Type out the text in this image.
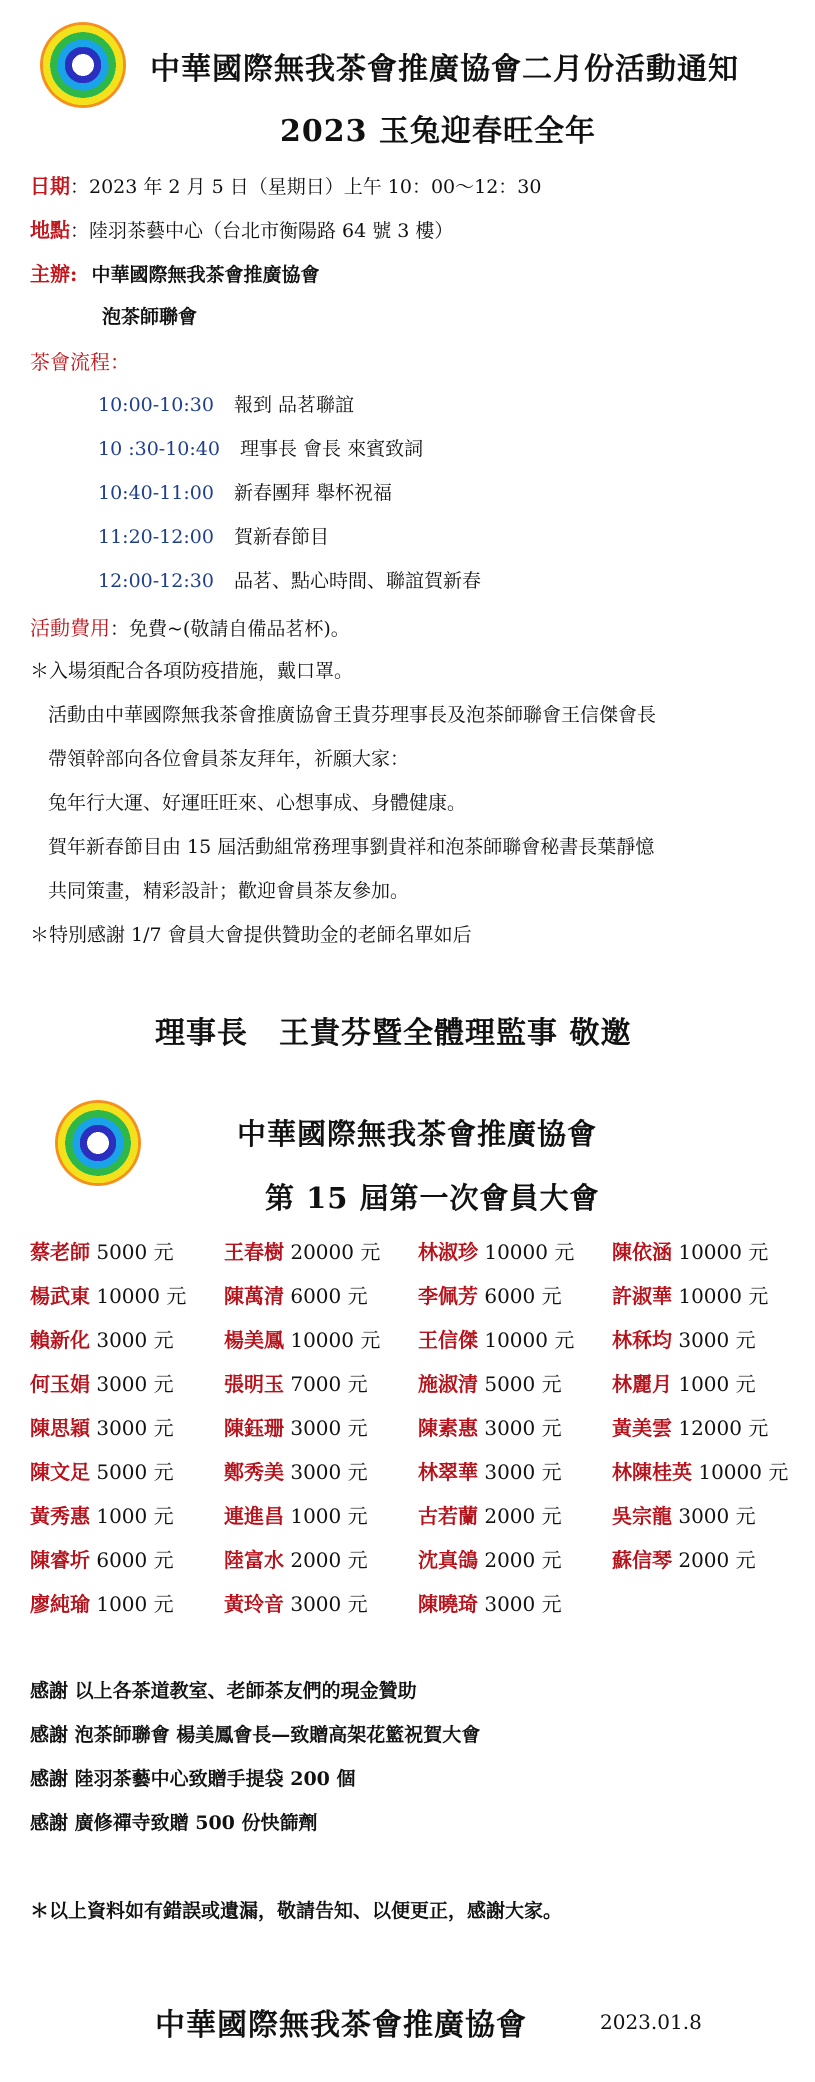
中華國際無我茶會推廣協會二月份活動通知
2023 玉兔迎春旺全年
日期：2023 年 2 月 5 日（星期日）上午 10：00～12：30
地點：陸羽茶藝中心（台北市衡陽路 64 號 3 樓）
主辦: 中華國際無我茶會推廣協會
泡茶師聯會
茶會流程：
10:00-10:30 報到 品茗聯誼
10 :30-10:40 理事長 會長 來賓致詞
10:40-11:00 新春團拜 舉杯祝福
11:20-12:00 賀新春節目
12:00-12:30 品茗、點心時間、聯誼賀新春
活動費用：免費~(敬請自備品茗杯)。
＊入場須配合各項防疫措施，戴口罩。
活動由中華國際無我茶會推廣協會王貴芬理事長及泡茶師聯會王信傑會長
帶領幹部向各位會員茶友拜年，祈願大家：
兔年行大運、好運旺旺來、心想事成、身體健康。
賀年新春節目由 15 屆活動組常務理事劉貴祥和泡茶師聯會秘書長葉靜憶
共同策畫，精彩設計；歡迎會員茶友參加。
＊特別感謝 1/7 會員大會提供贊助金的老師名單如后
理事長　王貴芬暨全體理監事 敬邀
中華國際無我茶會推廣協會
第 15 屆第一次會員大會
蔡老師 5000 元	王春樹 20000 元 林淑珍 10000 元 陳依涵 10000 元
楊武東 10000 元 陳萬清 6000 元	李佩芳 6000 元	許淑華 10000 元
賴新化 3000 元	楊美鳳 10000 元 王信傑 10000 元 林秝均 3000 元
何玉娟 3000 元	張明玉 7000 元	施淑清 5000 元	林麗月 1000 元
陳思穎 3000 元	陳鈺珊 3000 元	陳素惠 3000 元	黃美雲 12000 元
陳文足 5000 元	鄭秀美 3000 元	林翠華 3000 元	林陳桂英 10000 元
黃秀惠 1000 元	連進昌 1000 元	古若蘭 2000 元	吳宗龍 3000 元
陳睿圻 6000 元	陸富水 2000 元	沈真鴿 2000 元	蘇信琴 2000 元
廖純瑜 1000 元	黃玲音 3000 元	陳曉琦 3000 元
感謝 以上各茶道教室、老師茶友們的現金贊助
感謝 泡茶師聯會 楊美鳳會長—致贈高架花籃祝賀大會
感謝 陸羽茶藝中心致贈手提袋 200 個
感謝 廣修禪寺致贈 500 份快篩劑
＊以上資料如有錯誤或遺漏，敬請告知、以便更正，感謝大家。
中華國際無我茶會推廣協會	2023.01.8
